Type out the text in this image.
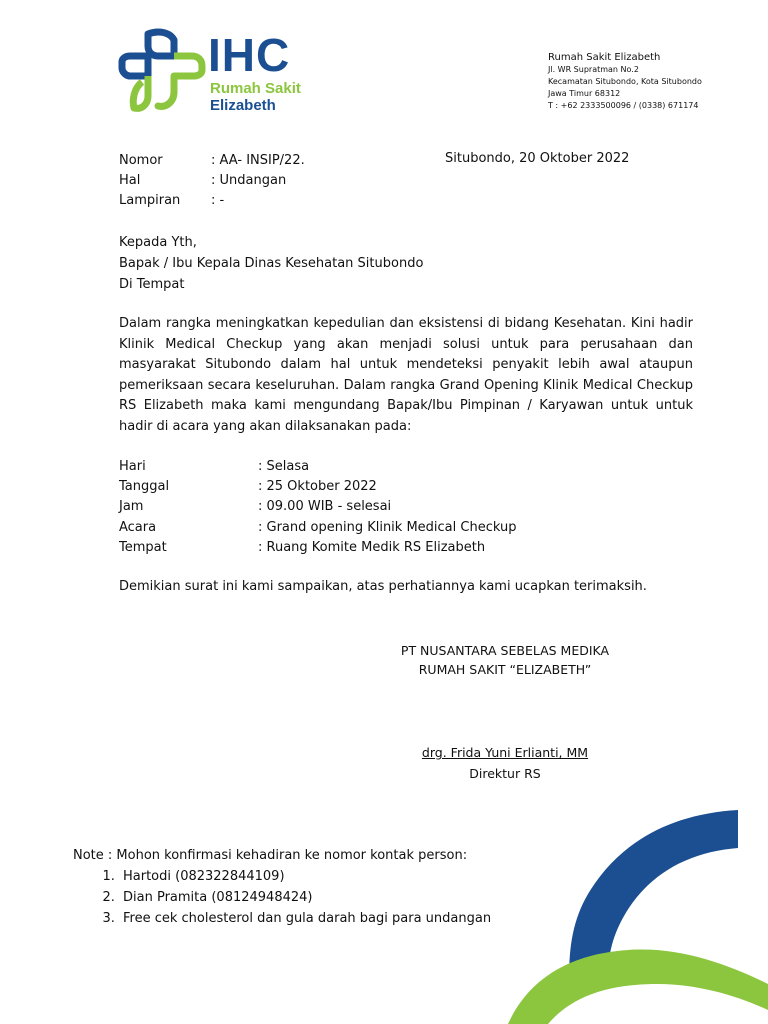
IHC
Rumah Sakit
Elizabeth
Rumah Sakit Elizabeth
Jl. WR Supratman No.2
Kecamatan Situbondo, Kota Situbondo
Jawa Timur 68312
T : +62 2333500096 / (0338) 671174
Nomor	: AA- INSIP/22.
Hal	: Undangan
Lampiran	: -
Situbondo, 20 Oktober 2022
Kepada Yth,
Bapak / Ibu Kepala Dinas Kesehatan Situbondo
Di Tempat
Dalam rangka meningkatkan kepedulian dan eksistensi di bidang Kesehatan. Kini hadir Klinik Medical Checkup yang akan menjadi solusi untuk para perusahaan dan masyarakat Situbondo dalam hal untuk mendeteksi penyakit lebih awal ataupun pemeriksaan secara keseluruhan. Dalam rangka Grand Opening Klinik Medical Checkup RS Elizabeth maka kami mengundang Bapak/Ibu Pimpinan / Karyawan untuk untuk hadir di acara yang akan dilaksanakan pada:
Hari	: Selasa
Tanggal	: 25 Oktober 2022
Jam	: 09.00 WIB - selesai
Acara	: Grand opening Klinik Medical Checkup
Tempat	: Ruang Komite Medik RS Elizabeth
Demikian surat ini kami sampaikan, atas perhatiannya kami ucapkan terimaksih.
PT NUSANTARA SEBELAS MEDIKA
RUMAH SAKIT “ELIZABETH”
drg. Frida Yuni Erlianti, MM
Direktur RS
Note : Mohon konfirmasi kehadiran ke nomor kontak person:
1. Hartodi (082322844109)
2. Dian Pramita (08124948424)
3. Free cek cholesterol dan gula darah bagi para undangan
